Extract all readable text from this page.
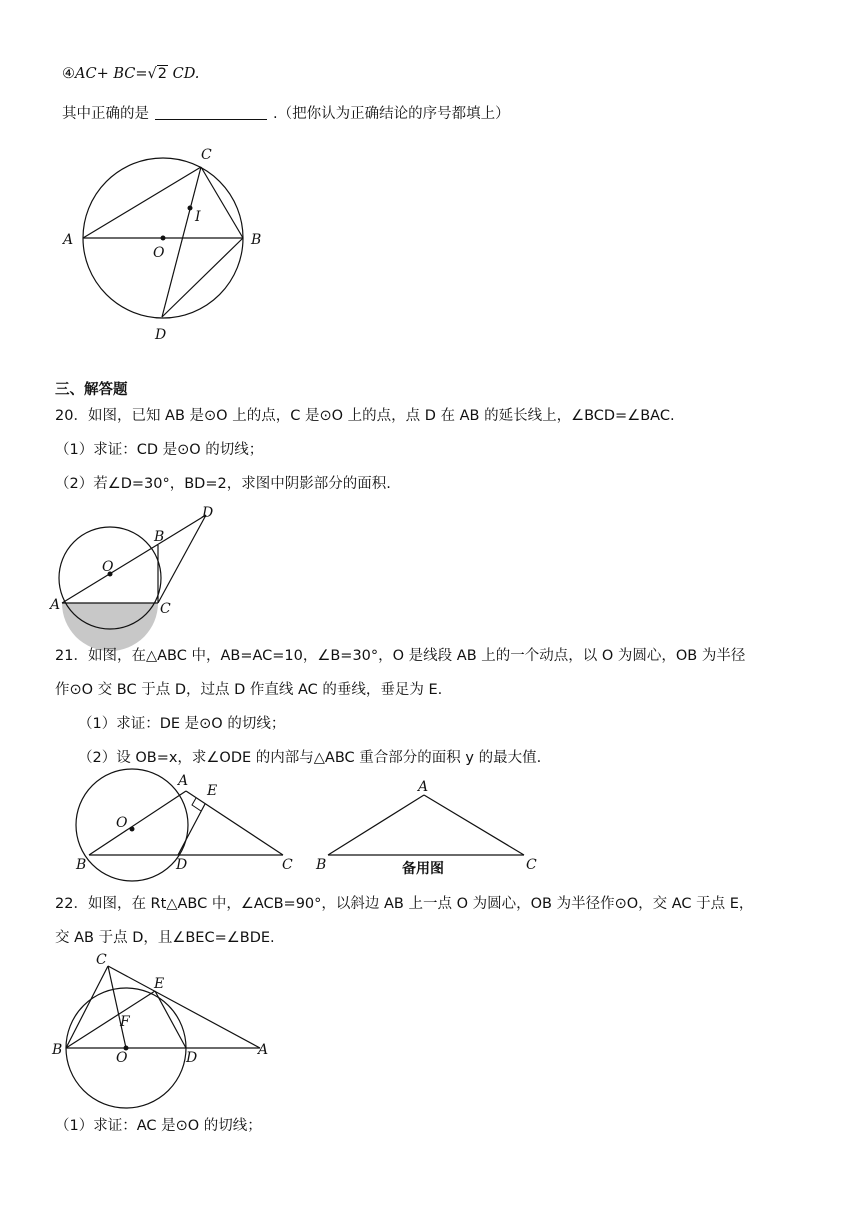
④AC+ BC=√2 CD.
其中正确的是	.（把你认为正确结论的序号都填上）
C
I
A
O
B
D
三、解答题
20．如图，已知 AB 是⊙O 上的点，C 是⊙O 上的点，点 D 在 AB 的延长线上，∠BCD=∠BAC.
（1）求证：CD 是⊙O 的切线；
（2）若∠D=30°，BD=2，求图中阴影部分的面积.
D
B
O
A	C
21．如图，在△ABC 中，AB=AC=10，∠B=30°，O 是线段 AB 上的一个动点，以 O 为圆心，OB 为半径
作⊙O 交 BC 于点 D，过点 D 作直线 AC 的垂线，垂足为 E.
（1）求证：DE 是⊙O 的切线；
（2）设 OB=x，求∠ODE 的内部与△ABC 重合部分的面积 y 的最大值.
A
E
O
B	D	C
A
B	C
备用图
22．如图，在 Rt△ABC 中，∠ACB=90°，以斜边 AB 上一点 O 为圆心，OB 为半径作⊙O，交 AC 于点 E，
交 AB 于点 D，且∠BEC=∠BDE.
C
E
F
B	O	D	A
（1）求证：AC 是⊙O 的切线；
